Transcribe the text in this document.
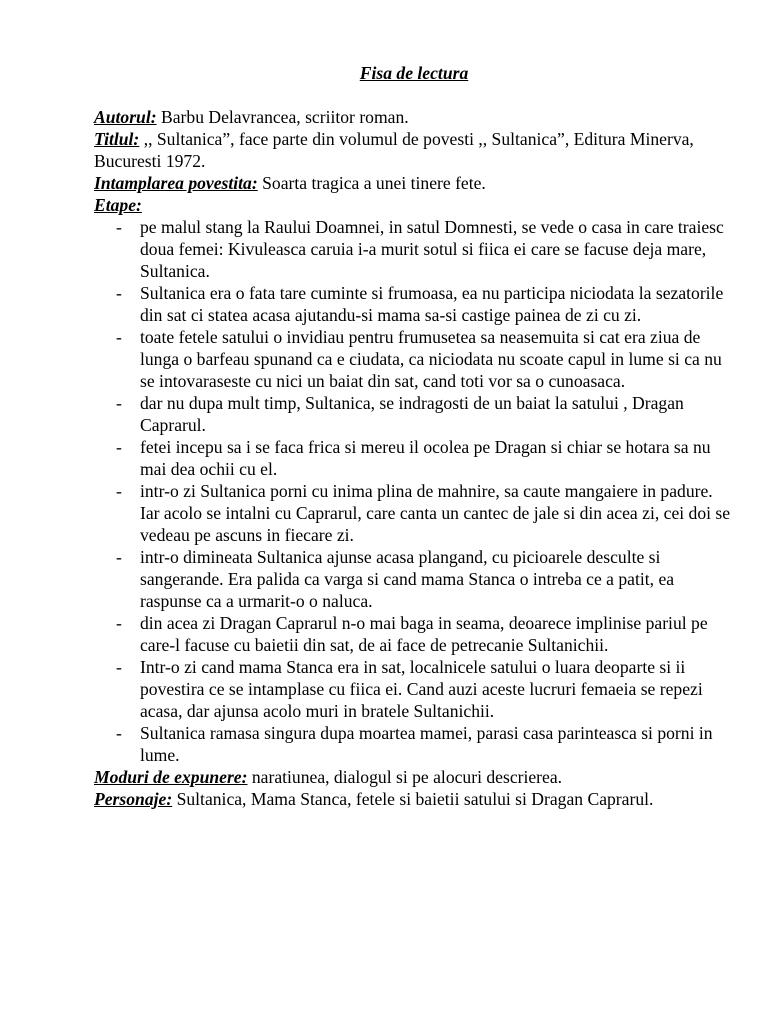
Fisa de lectura

Autorul: Barbu Delavrancea, scriitor roman.

Titlul: ,, Sultanica”, face parte din volumul de povesti ,, Sultanica”, Editura Minerva, Bucuresti 1972.

Intamplarea povestita: Soarta tragica a unei tinere fete.

Etape:

- pe malul stang la Raului Doamnei, in satul Domnesti, se vede o casa in care traiesc doua femei: Kivuleasca caruia i-a murit sotul si fiica ei care se facuse deja mare, Sultanica.
- Sultanica era o fata tare cuminte si frumoasa, ea nu participa niciodata la sezatorile din sat ci statea acasa ajutandu-si mama sa-si castige painea de zi cu zi.
- toate fetele satului o invidiau pentru frumusetea sa neasemuita si cat era ziua de lunga o barfeau spunand ca e ciudata, ca niciodata nu scoate capul in lume si ca nu se intovaraseste cu nici un baiat din sat, cand toti vor sa o cunoasaca.
- dar nu dupa mult timp, Sultanica, se indragosti de un baiat la satului , Dragan Caprarul.
- fetei incepu sa i se faca frica si mereu il ocolea pe Dragan si chiar se hotara sa nu mai dea ochii cu el.
- intr-o zi Sultanica porni cu inima plina de mahnire, sa caute mangaiere in padure. Iar acolo se intalni cu Caprarul, care canta un cantec de jale si din acea zi, cei doi se vedeau pe ascuns in fiecare zi.
- intr-o dimineata Sultanica ajunse acasa plangand, cu picioarele desculte si sangerande. Era palida ca varga si cand mama Stanca o intreba ce a patit, ea raspunse ca a urmarit-o o naluca.
- din acea zi Dragan Caprarul n-o mai baga in seama, deoarece implinise pariul pe care-l facuse cu baietii din sat, de ai face de petrecanie Sultanichii.
- Intr-o zi cand mama Stanca era in sat, localnicele satului o luara deoparte si ii povestira ce se intamplase cu fiica ei. Cand auzi aceste lucruri femaeia se repezi acasa, dar ajunsa acolo muri in bratele Sultanichii.
- Sultanica ramasa singura dupa moartea mamei, parasi casa parinteasca si porni in lume.

Moduri de expunere: naratiunea, dialogul si pe alocuri descrierea.

Personaje: Sultanica, Mama Stanca, fetele si baietii satului si Dragan Caprarul.
